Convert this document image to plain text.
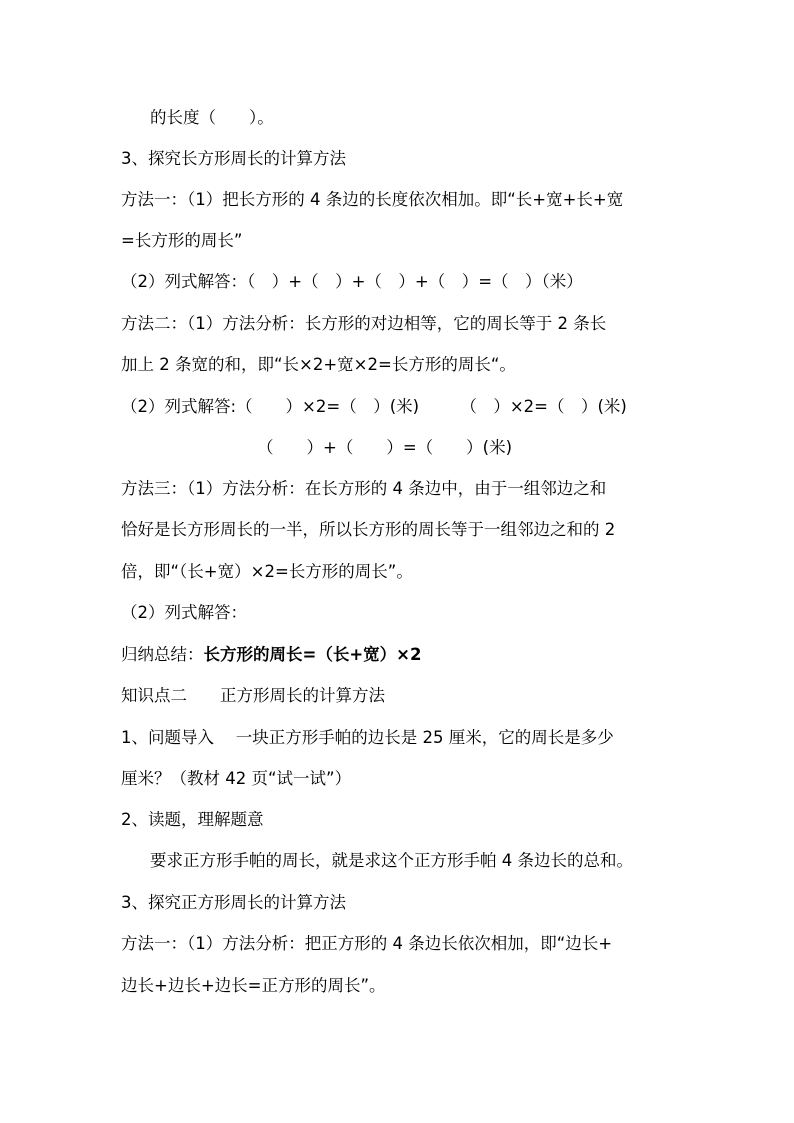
的长度（　　）。
3、探究长方形周长的计算方法
方法一：（1）把长方形的 4 条边的长度依次相加。即“长+宽+长+宽
=长方形的周长”
（2）列式解答：（　）+（　）+（　）+（　）=（　）（米）
方法二：（1）方法分析：长方形的对边相等，它的周长等于 2 条长
加上 2 条宽的和，即“长×2+宽×2=长方形的周长“。
（2）列式解答:（　　）×2=（　）(米)　　　（　）×2=（　）(米)
（　　）+（　　）=（　　）(米)
方法三：（1）方法分析：在长方形的 4 条边中，由于一组邻边之和
恰好是长方形周长的一半，所以长方形的周长等于一组邻边之和的 2
倍，即“（长+宽）×2=长方形的周长”。
（2）列式解答：
归纳总结：长方形的周长=（长+宽）×2
知识点二　　正方形周长的计算方法
1、问题导入　 一块正方形手帕的边长是 25 厘米，它的周长是多少
厘米？（教材 42 页“试一试”）
2、读题，理解题意
要求正方形手帕的周长，就是求这个正方形手帕 4 条边长的总和。
3、探究正方形周长的计算方法
方法一：（1）方法分析：把正方形的 4 条边长依次相加，即“边长+
边长+边长+边长=正方形的周长”。
